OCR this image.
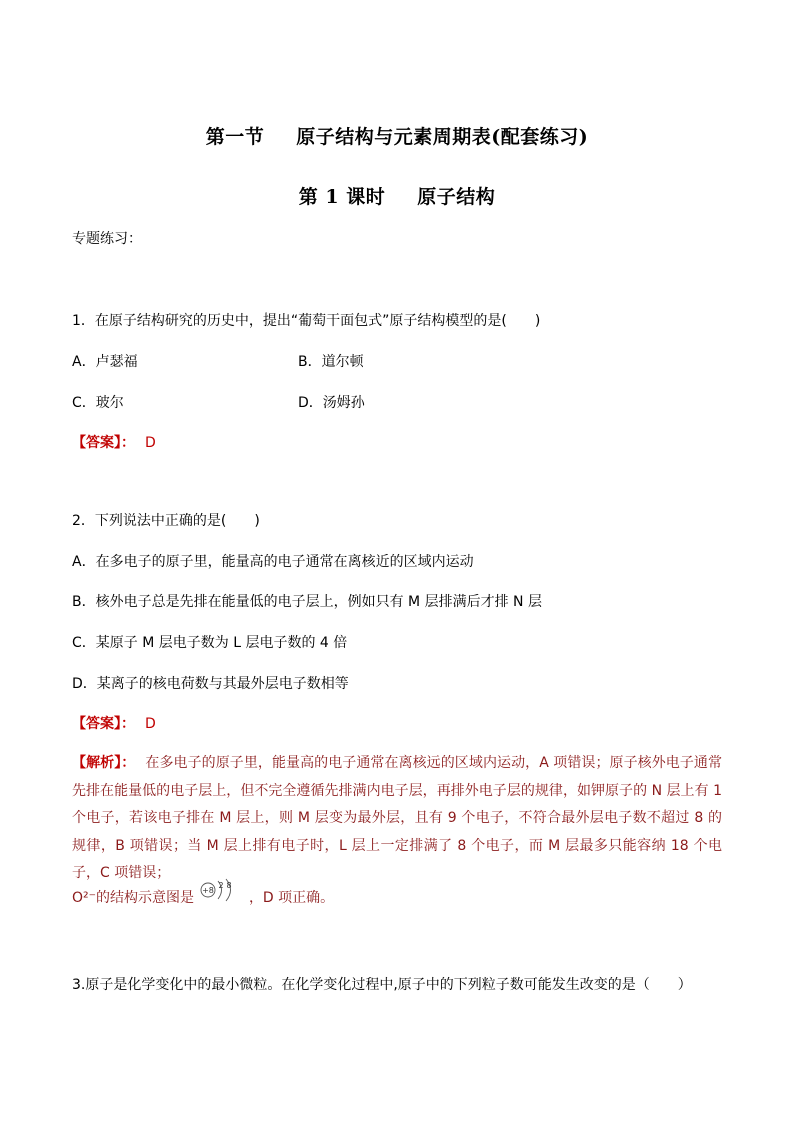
第一节 原子结构与元素周期表(配套练习)
第 1 课时 原子结构
专题练习：
1．在原子结构研究的历史中，提出“葡萄干面包式”原子结构模型的是(　　)
A．卢瑟福	B．道尔顿
C．玻尔	D．汤姆孙
【答案】： D
2．下列说法中正确的是(　　)
A．在多电子的原子里，能量高的电子通常在离核近的区域内运动
B．核外电子总是先排在能量低的电子层上，例如只有 M 层排满后才排 N 层
C．某原子 M 层电子数为 L 层电子数的 4 倍
D．某离子的核电荷数与其最外层电子数相等
【答案】： D
【解析】： 在多电子的原子里，能量高的电子通常在离核远的区域内运动，A 项错误；原子核外电子通常先排在能量低的电子层上，但不完全遵循先排满内电子层，再排外电子层的规律，如钾原子的 N 层上有 1 个电子，若该电子排在 M 层上，则 M 层变为最外层，且有 9 个电子，不符合最外层电子数不超过 8 的规律，B 项错误；当 M 层上排有电子时，L 层上一定排满了 8 个电子，而 M 层最多只能容纳 18 个电子，C 项错误；
O²⁻的结构示意图是 +8
2 8
，D 项正确。
3.原子是化学变化中的最小微粒。在化学变化过程中,原子中的下列粒子数可能发生改变的是（　　）
